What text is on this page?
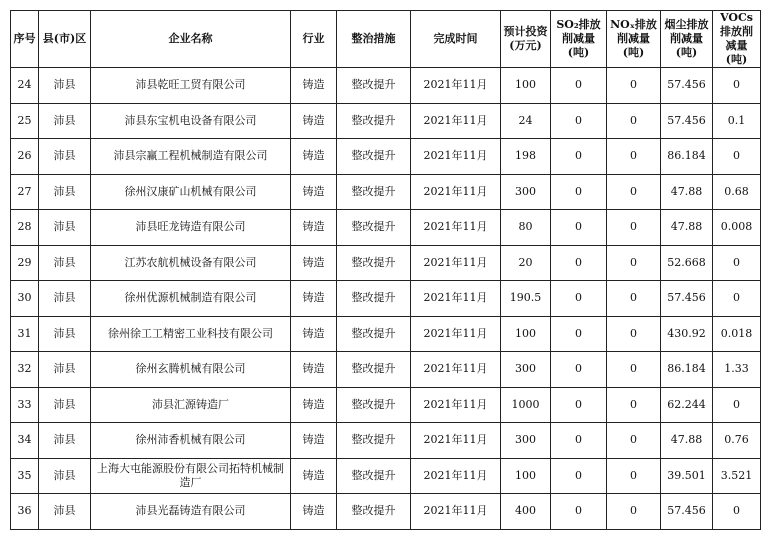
序号	县(市)区	企业名称	行业	整治措施	完成时间	预计投资(万元)	SO₂排放削减量(吨)	NOₓ排放削减量(吨)	烟尘排放削减量(吨)	VOCs排放削减量(吨)
24	沛县	沛县乾旺工贸有限公司	铸造	整改提升	2021年11月	100	0	0	57.456	0
25	沛县	沛县东宝机电设备有限公司	铸造	整改提升	2021年11月	24	0	0	57.456	0.1
26	沛县	沛县宗赢工程机械制造有限公司	铸造	整改提升	2021年11月	198	0	0	86.184	0
27	沛县	徐州汉康矿山机械有限公司	铸造	整改提升	2021年11月	300	0	0	47.88	0.68
28	沛县	沛县旺龙铸造有限公司	铸造	整改提升	2021年11月	80	0	0	47.88	0.008
29	沛县	江苏农航机械设备有限公司	铸造	整改提升	2021年11月	20	0	0	52.668	0
30	沛县	徐州优源机械制造有限公司	铸造	整改提升	2021年11月	190.5	0	0	57.456	0
31	沛县	徐州徐工工精密工业科技有限公司	铸造	整改提升	2021年11月	100	0	0	430.92	0.018
32	沛县	徐州玄腾机械有限公司	铸造	整改提升	2021年11月	300	0	0	86.184	1.33
33	沛县	沛县汇源铸造厂	铸造	整改提升	2021年11月	1000	0	0	62.244	0
34	沛县	徐州沛香机械有限公司	铸造	整改提升	2021年11月	300	0	0	47.88	0.76
35	沛县	上海大屯能源股份有限公司拓特机械制造厂	铸造	整改提升	2021年11月	100	0	0	39.501	3.521
36	沛县	沛县光磊铸造有限公司	铸造	整改提升	2021年11月	400	0	0	57.456	0
